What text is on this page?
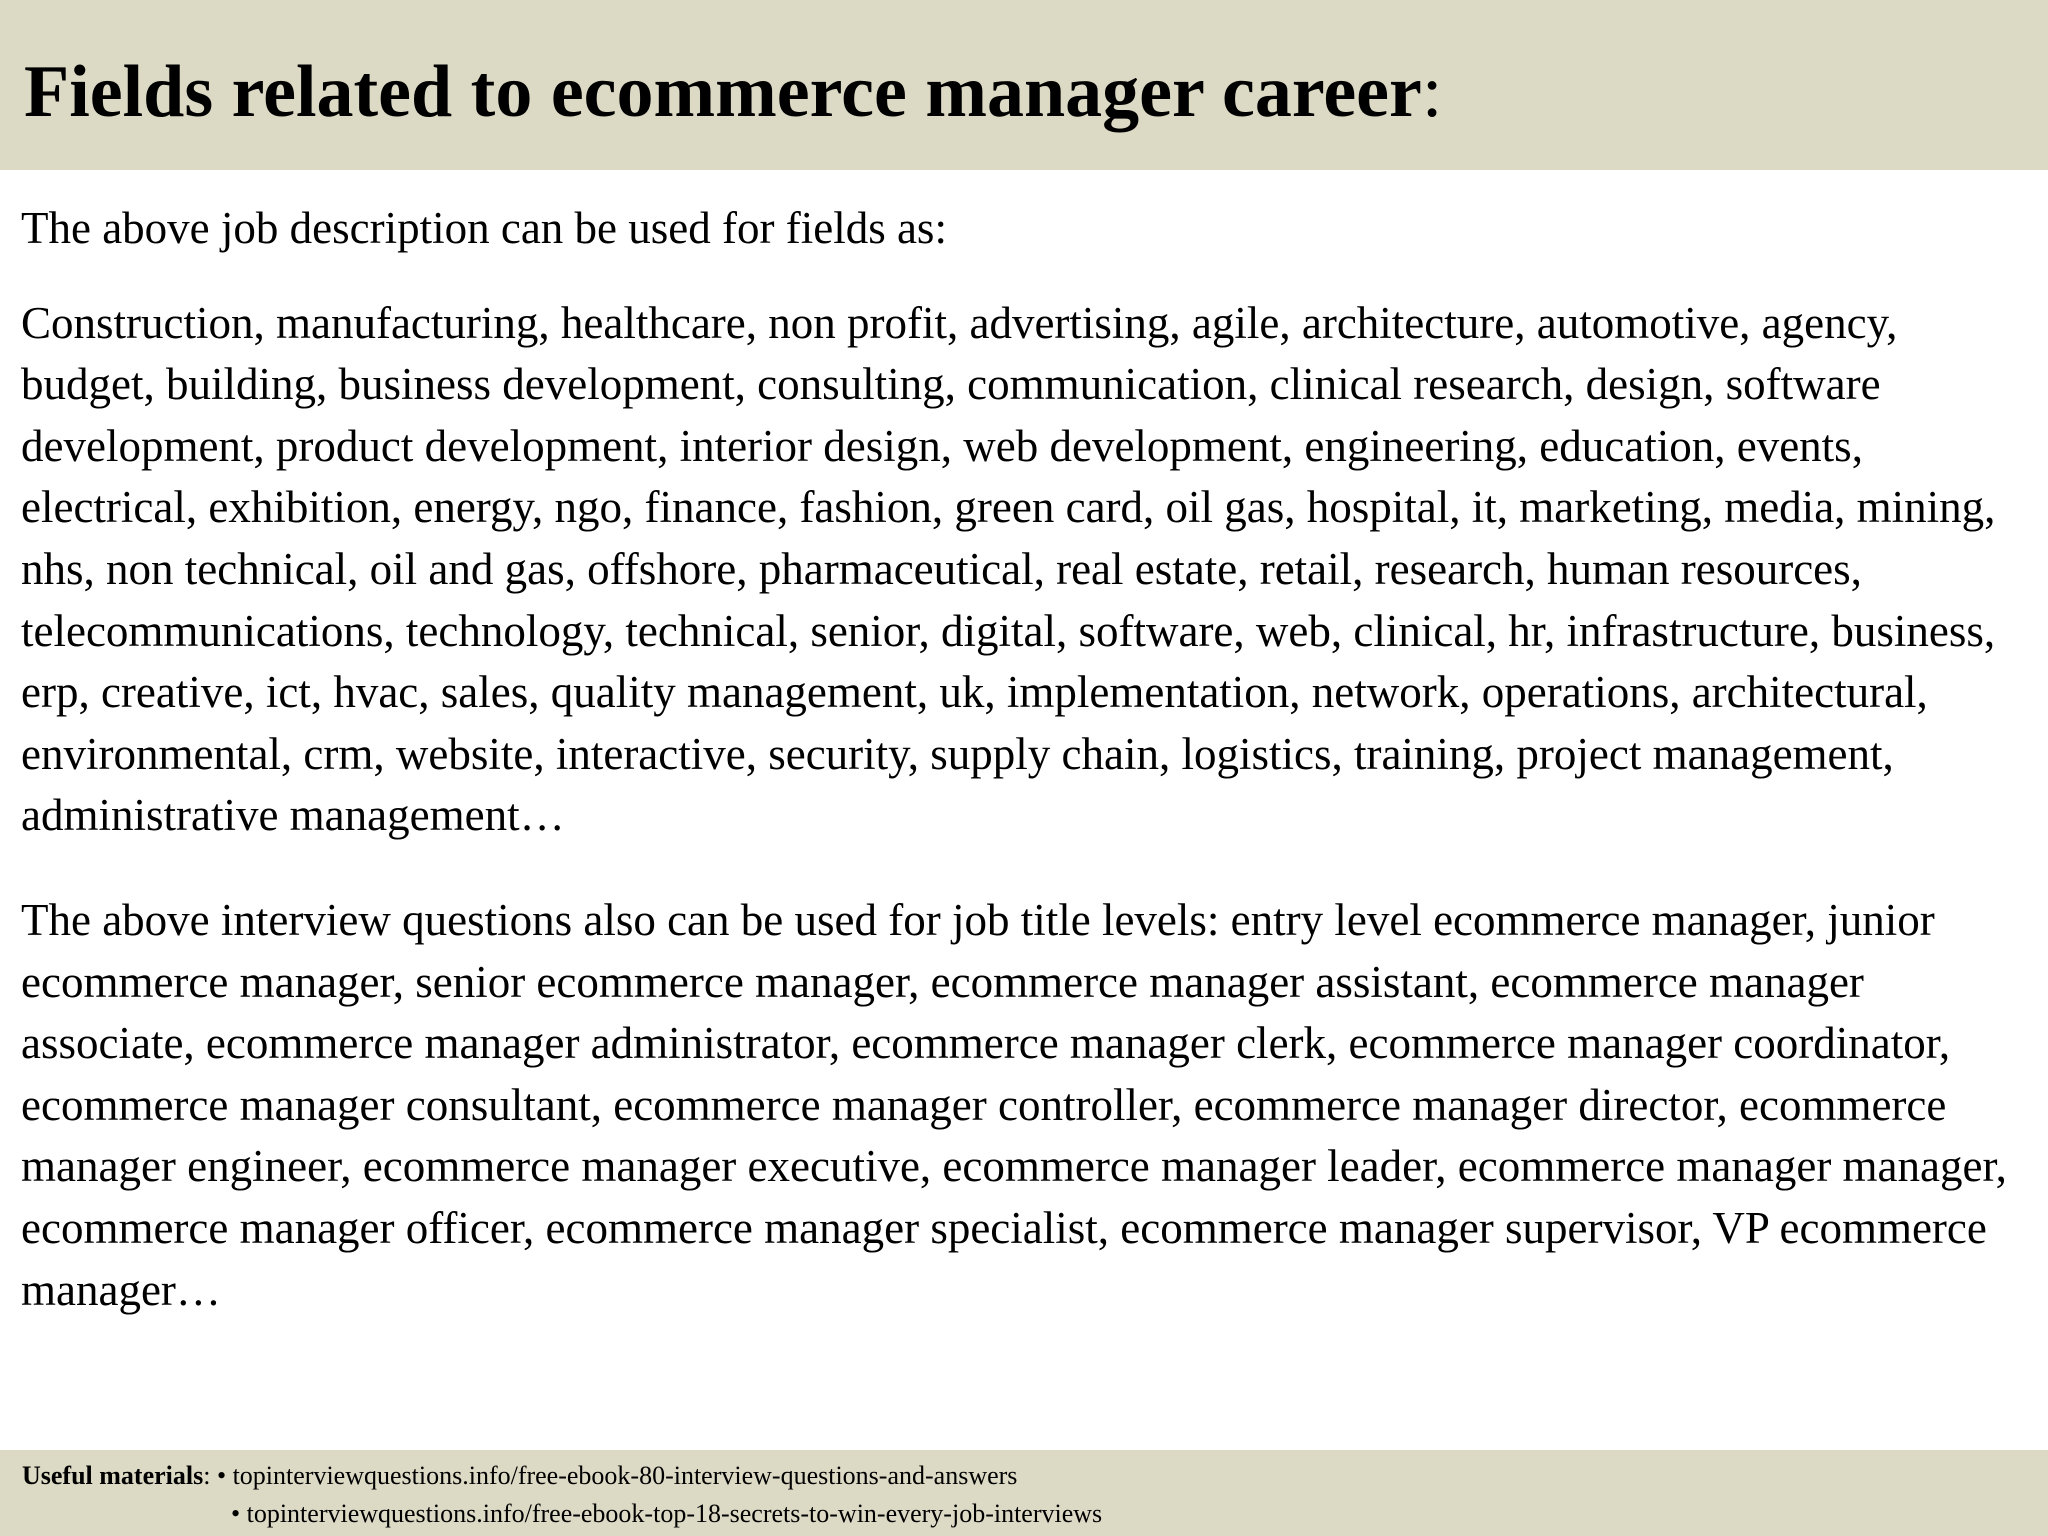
Fields related to ecommerce manager career:

The above job description can be used for fields as:

Construction, manufacturing, healthcare, non profit, advertising, agile, architecture, automotive, agency, budget, building, business development, consulting, communication, clinical research, design, software development, product development, interior design, web development, engineering, education, events, electrical, exhibition, energy, ngo, finance, fashion, green card, oil gas, hospital, it, marketing, media, mining, nhs, non technical, oil and gas, offshore, pharmaceutical, real estate, retail, research, human resources, telecommunications, technology, technical, senior, digital, software, web, clinical, hr, infrastructure, business, erp, creative, ict, hvac, sales, quality management, uk, implementation, network, operations, architectural, environmental, crm, website, interactive, security, supply chain, logistics, training, project management, administrative management…

The above interview questions also can be used for job title levels: entry level ecommerce manager, junior ecommerce manager, senior ecommerce manager, ecommerce manager assistant, ecommerce manager associate, ecommerce manager administrator, ecommerce manager clerk, ecommerce manager coordinator, ecommerce manager consultant, ecommerce manager controller, ecommerce manager director, ecommerce manager engineer, ecommerce manager executive, ecommerce manager leader, ecommerce manager manager, ecommerce manager officer, ecommerce manager specialist, ecommerce manager supervisor, VP ecommerce manager…

Useful materials: • topinterviewquestions.info/free-ebook-80-interview-questions-and-answers
• topinterviewquestions.info/free-ebook-top-18-secrets-to-win-every-job-interviews
